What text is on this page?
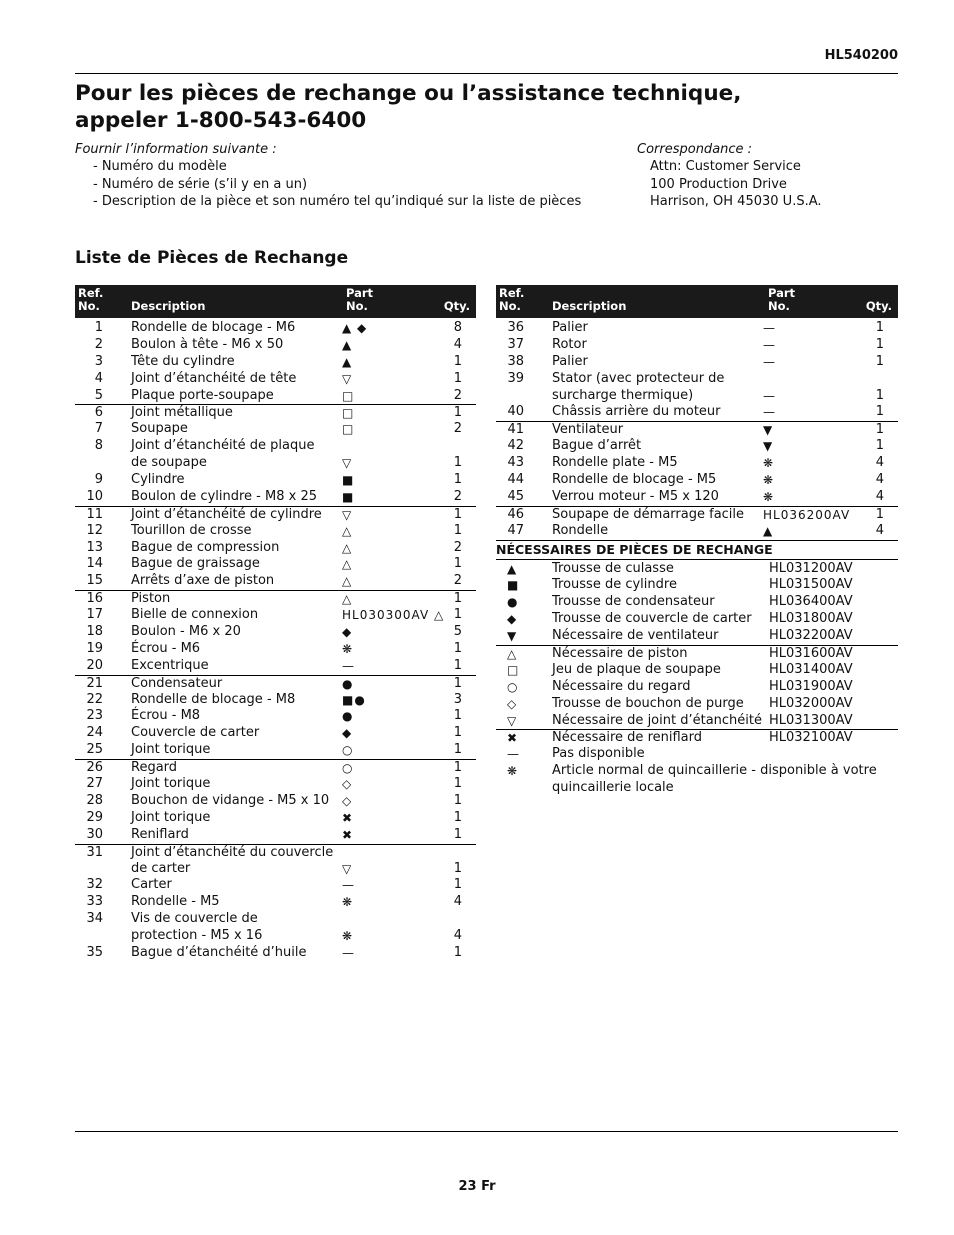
HL540200
Pour les pièces de rechange ou l’assistance technique,
appeler 1-800-543-6400
Fournir l’information suivante :
- Numéro du modèle
- Numéro de série (s’il y en a un)
- Description de la pièce et son numéro tel qu’indiqué sur la liste de pièces
Correspondance :
Attn: Customer Service
100 Production Drive
Harrison, OH 45030 U.S.A.
Liste de Pièces de Rechange
Ref.
No.	Description
Part
No.	Qty.
1 Rondelle de blocage - M6	▲ ◆	8
2 Boulon à tête - M6 x 50	▲	4
3 Tête du cylindre	▲	1
4 Joint d’étanchéité de tête	▽	1
5 Plaque porte-soupape	□	2
6 Joint métallique	□	1
7 Soupape	□	2
8 Joint d’étanchéité de plaque
de soupape	▽	1
9 Cylindre	■	1
10 Boulon de cylindre - M8 x 25 ■	2
11 Joint d’étanchéité de cylindre ▽	1
12 Tourillon de crosse	△	1
13 Bague de compression	△	2
14 Bague de graissage	△	1
15 Arrêts d’axe de piston	△	2
16 Piston	△	1
17 Bielle de connexion	HL030300AV △ 1
18 Boulon - M6 x 20	◆	5
19 Écrou - M6	❋	1
20 Excentrique	—	1
21 Condensateur	●	1
22 Rondelle de blocage - M8	■●	3
23 Écrou - M8	●	1
24 Couvercle de carter	◆	1
25 Joint torique	○	1
26 Regard	○	1
27 Joint torique	◇	1
28 Bouchon de vidange - M5 x 10 ◇	1
29 Joint torique	✖	1
30 Reniflard	✖	1
31 Joint d’étanchéité du couvercle
de carter	▽	1
32 Carter	—	1
33 Rondelle - M5	❋	4
34 Vis de couvercle de
protection - M5 x 16	❋	4
35 Bague d’étanchéité d’huile	—	1
Ref.
No.	Description
Part
No.	Qty.
36 Palier	—	1
37 Rotor	—	1
38 Palier	—	1
39 Stator (avec protecteur de
surcharge thermique)	—	1
40 Châssis arrière du moteur	—	1
41 Ventilateur	▼	1
42 Bague d’arrêt	▼	1
43 Rondelle plate - M5	❋	4
44 Rondelle de blocage - M5	❋	4
45 Verrou moteur - M5 x 120	❋	4
46 Soupape de démarrage facile HL036200AV 1
47 Rondelle	▲	4
NÉCESSAIRES DE PIÈCES DE RECHANGE
▲	Trousse de culasse	HL031200AV
■	Trousse de cylindre	HL031500AV
●	Trousse de condensateur	HL036400AV
◆	Trousse de couvercle de carter HL031800AV
▼	Nécessaire de ventilateur	HL032200AV
△	Nécessaire de piston	HL031600AV
□	Jeu de plaque de soupape	HL031400AV
○	Nécessaire du regard	HL031900AV
◇	Trousse de bouchon de purge HL032000AV
▽	Nécessaire de joint d’étanchéité HL031300AV
✖	Nécessaire de reniflard	HL032100AV
— Pas disponible
❋	Article normal de quincaillerie - disponible à votre
quincaillerie locale
23 Fr
